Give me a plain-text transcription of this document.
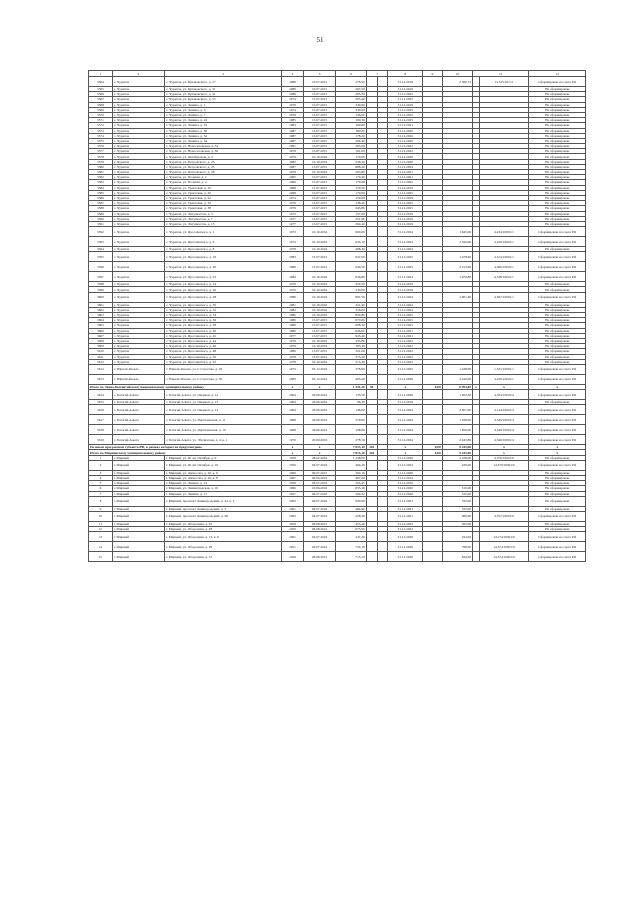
51
1	2	3	4	5	6	7		8	9	10	11		12
3564	с. Чурапча	с. Чурапча, ул. Кулаковского, д. 27	1989	10.07.2015	278,50			31.12.2018		2 560,73		14.525/10/1/1	Сформирован на счете РО
3565	с. Чурапча	с. Чурапча, ул. Кулаковского, д. 31	1989	10.07.2015	267,50			31.12.2019					Не сформирован
3566	с. Чурапча	с. Чурапча, ул. Кулаковского, д. 41	1989	15.07.2015	263,50			31.12.2022					Не сформирован
3567	с. Чурапча	с. Чурапча, ул. Кулаковского, д. 55	1974	15.07.2015	203,40			31.12.2022					Не сформирован
3568	с. Чурапча	с. Чурапча, ул. Ленина, д. 1	1976	15.07.2015	330,60			31.12.2019					Не сформирован
3569	с. Чурапча	с. Чурапча, ул. Ленина, д. 3	1974	15.07.2015	330,60			31.12.2025					Не сформирован
3570	с. Чурапча	с. Чурапча, ул. Ленина, д. 7	1978	15.07.2015	146,00			31.12.2022					Не сформирован
3571	с. Чурапча	с. Чурапча, ул. Ленина, д. 24	1985	15.07.2015	190,30			31.12.2025					Не сформирован
3572	с. Чурапча	с. Чурапча, ул. Ленина, д. 43	1983	15.07.2015	160,60			31.12.2021					Не сформирован
3573	с. Чурапча	с. Чурапча, ул. Ленина, д. 50	1987	15.07.2015	180,00			31.12.2020					Не сформирован
3574	с. Чурапча	с. Чурапча, ул. Ленина, д. 52	1987	15.07.2015	178,20			31.12.2026					Не сформирован
3575	с. Чурапча	с. Чурапча, ул. Ленина, д. 54	1987	15.07.2015	264,40			31.12.2020					Не сформирован
3576	с. Чурапча	с. Чурапча, ул. Новоселовская, д. 34	1991	15.07.2015	265,00			31.12.2022					Не сформирован
3577	с. Чурапча	с. Чурапча, ул. Новоселовская, д. 36	1979	15.07.2015	161,00			31.12.2022					Не сформирован
3578	с. Чурапча	с. Чурапча, ул. Октябрьская, д. 2	1979	10.10.2016	170,00			31.12.2020					Не сформирован
3579	с. Чурапча	с. Чурапча, ул. Петровского, д. 23	1982	10.10.2016	236,20			31.12.2020					Не сформирован
3580	с. Чурапча	с. Чурапча, ул. Петровского, д. 25	1987	15.07.2015	668,20			31.12.2024					Не сформирован
3581	с. Чурапча	с. Чурапча, ул. Петровского, д. 28	1979	10.10.2016	293,80			31.12.2021					Не сформирован
3582	с. Чурапча	с. Чурапча, ул. Полевая, д. 2	1965	15.07.2015	170,40			31.12.2021					Не сформирован
3583	с. Чурапча	с. Чурапча, ул. Полевая, д. 4	1966	15.07.2015	170,60			31.12.2022					Не сформирован
3584	с. Чурапча	с. Чурапча, ул. Трактовая, д. 10	1968	15.07.2015	179,50			31.12.2019					Не сформирован
3585	с. Чурапча	с. Чурапча, ул. Трактовая, д. 20	1968	15.07.2015	179,60			31.12.2025					Не сформирован
3586	с. Чурапча	с. Чурапча, ул. Трактовая, д. 22	1974	15.07.2015	150,00			31.12.2019					Не сформирован
3587	с. Чурапча	с. Чурапча, ул. Трактовая, д. 34	1976	15.07.2015	138,40			31.12.2025					Не сформирован
3588	с. Чурапча	с. Чурапча, ул. Трактовая, д. 38	1979	15.07.2015	643,80			31.12.2025					Не сформирован
3589	с. Чурапча	с. Чурапча, ул. Энтузиастов, д. 5	1973	15.07.2015	157,60			31.12.2019					Не сформирован
3590	с. Чурапча	с. Чурапча, ул. Энтузиастов, д. 7	1977	15.07.2015	251,90			31.12.2019					Не сформирован
3591	с. Чурапча	с. Чурапча, ул. Энтузиастов, д. 13	1977	15.07.2015	364,40			31.12.2019					Не сформирован
3592	с. Чурапча	с. Чурапча, ул. Ярославского, д. 1	1972	10.10.2016	900,00			31.12.2024		1 645,00		4,434/10001/1	Сформирован на счете РО
3593	с. Чурапча	с. Чурапча, ул. Ярославского, д. 6	1974	10.10.2016	636,10			31.12.2024		2 540,00		4,220/10001/1	Сформирован на счете РО
3594	с. Чурапча	с. Чурапча, ул. Ярославского, д. 8	1978	10.10.2016	468,30			31.12.2024					Не сформирован
3595	с. Чурапча	с. Чурапча, ул. Ярославского, д. 16	1983	15.07.2015	647,00			31.12.2025		1 478,60		4,514/10001/1	Сформирован на счете РО
3596	с. Чурапча	с. Чурапча, ул. Ярославского, д. 20	1986	15.07.2015	640,50			31.12.2025		2 153,00		4,596/10001/1	Сформирован на счете РО
3597	с. Чурапча	с. Чурапча, ул. Ярославского, д. 22	1984	10.10.2016	636,80			31.12.2024		1 976,80		4,538/10001/1	Сформирован на счете РО
3598	с. Чурапча	с. Чурапча, ул. Ярославского, д. 14	1970	10.10.2016	324,50			31.12.2019					Не сформирован
3599	с. Чурапча	с. Чурапча, ул. Ярославского, д. 26	1970	10.10.2016	330,00			31.12.2019					Не сформирован
3600	с. Чурапча	с. Чурапча, ул. Ярославского, д. 28	1986	10.10.2016	997,50			31.12.2024		2 001,60		4,567/10001/1	Сформирован на счете РО
3601	с. Чурапча	с. Чурапча, ул. Ярославского, д. 30	1981	10.10.2016	321,40			31.12.2024					Не сформирован
3602	с. Чурапча	с. Чурапча, ул. Ярославского, д. 32	1982	10.10.2016	316,00			31.12.2024					Не сформирован
3603	с. Чурапча	с. Чурапча, ул. Ярославского, д. 34	1980	10.10.2016	834,80			31.12.2025					Не сформирован
3604	с. Чурапча	с. Чурапча, ул. Ярославского, д. 36	1980	15.07.2015	670,00			31.12.2025					Не сформирован
3605	с. Чурапча	с. Чурапча, ул. Ярославского, д. 38	1980	15.07.2015	668,30			31.12.2025					Не сформирован
3606	с. Чурапча	с. Чурапча, ул. Ярославского, д. 40	1980	15.07.2015	926,00			31.12.2021					Не сформирован
3607	с. Чурапча	с. Чурапча, ул. Ярославского, д. 42	1977	15.07.2015	923,40			31.12.2021					Не сформирован
3608	с. Чурапча	с. Чурапча, ул. Ярославского, д. 44	1976	10.10.2016	333,80			31.12.2022					Не сформирован
3609	с. Чурапча	с. Чурапча, ул. Ярославского, д. 46	1979	10.10.2016	303,40			31.12.2022					Не сформирован
3610	с. Чурапча	с. Чурапча, ул. Ярославского, д. 48	1980	15.07.2015	321,00			31.12.2022					Не сформирован
3611	с. Чурапча	с. Чурапча, ул. Ярославского, д. 50	1978	15.07.2015	313,20			31.12.2022					Не сформирован
3612	с. Чурапча	с. Чурапча, ул. Ярославского, д. 52	1978	10.10.2016	315,40			31.12.2022					Не сформирован
3612	с. Юрюнг-Кюель	с. Юрюнг-Кюель, ул. С.Строгова, д. 26	1973	03.12.2016	378,00			31.12.2025		1 448,00		1,531/10001/1	Сформирован на счете РО
3613	с. Юрюнг-Кюель	с. Юрюнг-Кюель, ул. С.Строгова, д. 30	1983	03.12.2016	495,20			31.12.2026		2 440,00		4,230/10001/1	Сформирован на счете РО
Итого по Эвено-Бытантайскому национальному муниципальному району			x	x	1 351,20	50		x	0,00	6 994,00	x	x	x
3614	с. Батагай-Алыта	с. Батагай-Алыта, ул. Оверкан, д. 12	1964	20.09.2016	135,50			31.12.2026		1 202,50		4,354/10001/4	Сформирован на счете РО
3615	с. Батагай-Алыта	с. Батагай-Алыта, ул. Оверкан, д. 13	1964	20.09.2016	96,30			31.12.2019					Не сформирован
3616	с. Батагай-Алыта	с. Батагай-Алыта, ул. Оверкан, д. 14	1964	20.09.2016	148,00			31.12.2024		2 857,00		4,124/10001/4	Сформирован на счете РО
3617	с. Батагай-Алыта	с. Батагай-Алыта, ул. Партизанская, д. 11	1968	20.09.2016	270,00			31.12.2024		1 638,00		4,346/10001/4	Сформирован на счете РО
3618	с. Батагай-Алыта	с. Батагай-Алыта, ул. Партизанская, д. 10	1968	20.09.2016	198,00			31.12.2024		1 850,00		4,346/10001/4	Сформирован на счете РО
3619	с. Батагай-Алыта	с. Батагай-Алыта, ул. Эбеляхская, д. 4, к. 1	1970	20.09.2016	278,50			31.12.2024		2 445,80		4,346/10001/4	Сформирован на счете РО
По иным программам субъекта РФ, в рамках которых не предусмотрено			x	x	7 813,10	326		x	0,00	9 245,00		x	x
Итого по Мирнинскому муниципальному району			x	x	7 813,10	326		x	0,00	9 245,00		x	x
1	г. Мирный	г. Мирный, ул. 40 лет Октября, д. 9	1958	28.02.2016	1 248,00			31.12.2026		2 228,00		4,370/10001/0	Не сформирован
2	г. Мирный	г. Мирный, ул. 40 лет Октября, д. 16	1956	04.07.2016	494,20			31.12.2023		439,00		14,370/10001/0	Сформирован на счете РО
3	г. Мирный	г. Мирный, ул. Аммосова, д. 20, к. 6	1960	09.07.2015	300,16			31.12.2020					Не сформирован
4	г. Мирный	г. Мирный, ул. Аммосова, д. 20, к. 8	1967	09.06.2016	467,00			31.12.2014					Не сформирован
5	г. Мирный	г. Мирный, ул. Ленина, д. 14	1958	04.07.2016	203,45			31.12.2016					Не сформирован
6	г. Мирный	г. Мирный, ул. Ленинградская, д. 16	1960	10.06.2016	655,10			31.12.2020		510,00			Не сформирован
7	г. Мирный	г. Мирный, ул. Ленина, д. 17	1957	04.07.2016	504,22			31.12.2020		510,00			Не сформирован
8	г. Мирный	г. Мирный, проспект Ленинградский, д. 34, к. 2	1963	04.07.2016	929,66			31.12.2023		332,00			Не сформирован
9	г. Мирный	г. Мирный, проспект Ленинградский, д. 3	1961	04.07.2016	484,90			31.12.2023		332,00			Не сформирован
10	г. Мирный	г. Мирный, проспект Ленинградский, д. 48	1963	04.07.2016	458,30			31.12.2021		380,00		4,357/10001/0	Сформирован на счете РО
11	г. Мирный	г. Мирный, ул. Оборонная, д. 25	1959	06.08.2015	455,40			31.12.2022		395,00			Не сформирован
12	г. Мирный	г. Мирный, ул. Оборонная, д. 28	1959	06.08.2015	675,50			31.12.2022					Не сформирован
13	г. Мирный	г. Мирный, ул. Оборонная, д. 15, к. 6	1961	04.07.2016	247,20			31.12.2026		194,00		14,174/10001/0	Сформирован на счете РО
14	г. Мирный	г. Мирный, ул. Оборонная, д. 29	1951	04.07.2016	722,10			31.12.2020		798,00		14,374/10001/0	Сформирован на счете РО
15	г. Мирный	г. Мирный, ул. Оборонная, д. 31	1959	06.08.2015	715,10			31.12.2020		834,00		14,374/10001/0	Сформирован на счете РО
